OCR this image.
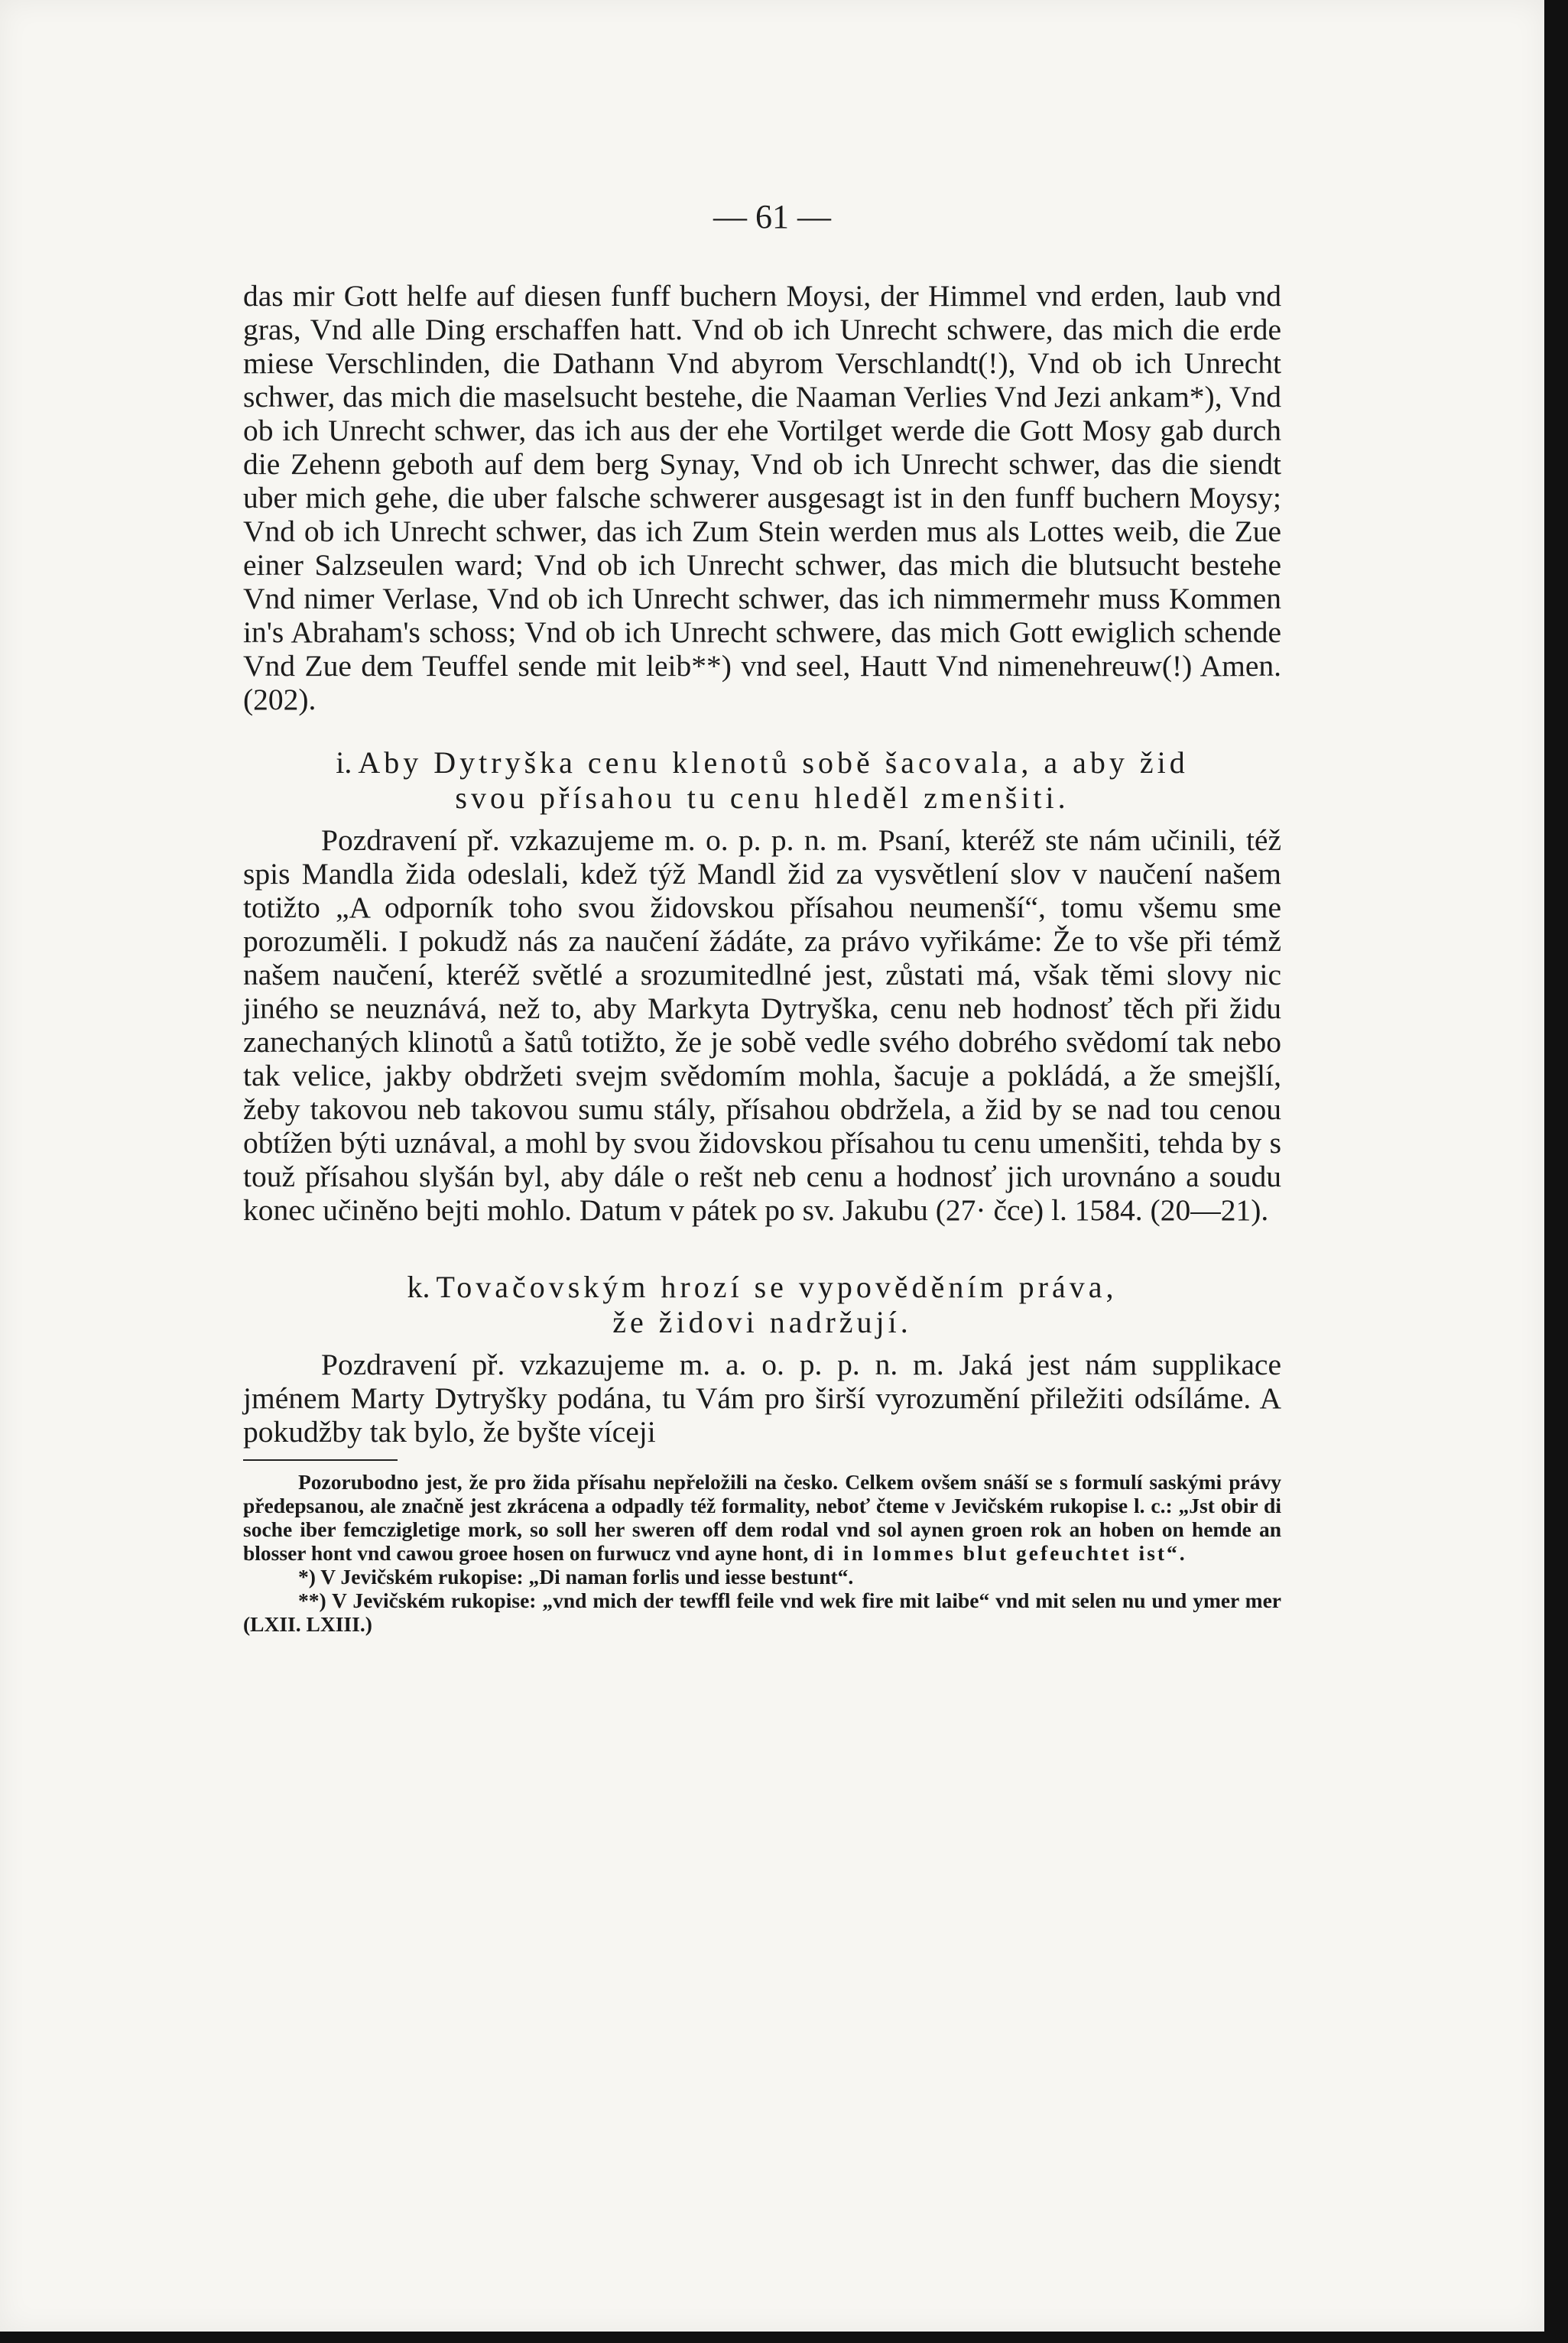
— 61 —

das mir Gott helfe auf diesen funff buchern Moysi, der Himmel vnd erden, laub vnd gras, Vnd alle Ding erschaffen hatt. Vnd ob ich Unrecht schwere, das mich die erde miese Verschlinden, die Dathann Vnd abyrom Verschlandt(!), Vnd ob ich Unrecht schwer, das mich die maselsucht bestehe, die Naaman Verlies Vnd Jezi ankam*), Vnd ob ich Unrecht schwer, das ich aus der ehe Vortilget werde die Gott Mosy gab durch die Zehenn geboth auf dem berg Synay, Vnd ob ich Unrecht schwer, das die siendt uber mich gehe, die uber falsche schwerer ausgesagt ist in den funff buchern Moysy; Vnd ob ich Unrecht schwer, das ich Zum Stein werden mus als Lottes weib, die Zue einer Salzseulen ward; Vnd ob ich Unrecht schwer, das mich die blutsucht bestehe Vnd nimer Verlase, Vnd ob ich Unrecht schwer, das ich nimmermehr muss Kommen in's Abraham's schoss; Vnd ob ich Unrecht schwere, das mich Gott ewiglich schende Vnd Zue dem Teuffel sende mit leib**) vnd seel, Hautt Vnd nimenehreuw(!) Amen. (202).

i. Aby Dytryška cenu klenotů sobě šacovala, a aby žid

svou přísahou tu cenu hleděl zmenšiti.

Pozdravení př. vzkazujeme m. o. p. p. n. m. Psaní, kteréž ste nám učinili, též spis Mandla žida odeslali, kdež týž Mandl žid za vysvětlení slov v naučení našem totižto „A odporník toho svou židovskou přísahou neumenší“, tomu všemu sme porozuměli. I pokudž nás za naučení žádáte, za právo vyřikáme: Že to vše při témž našem naučení, kteréž světlé a srozumitedlné jest, zůstati má, však těmi slovy nic jiného se neuznává, než to, aby Markyta Dytryška, cenu neb hodnosť těch při židu zanechaných klinotů a šatů totižto, že je sobě vedle svého dobrého svědomí tak nebo tak velice, jakby obdržeti svejm svědomím mohla, šacuje a pokládá, a že smejšlí, žeby takovou neb takovou sumu stály, přísahou obdržela, a žid by se nad tou cenou obtížen býti uznával, a mohl by svou židovskou přísahou tu cenu umenšiti, tehda by s touž přísahou slyšán byl, aby dále o rešt neb cenu a hodnosť jich urovnáno a soudu konec učiněno bejti mohlo. Datum v pátek po sv. Jakubu (27· čce) l. 1584. (20—21).

k. Tovačovským hrozí se vypověděním práva,

že židovi nadržují.

Pozdravení př. vzkazujeme m. a. o. p. p. n. m. Jaká jest nám supplikace jménem Marty Dytryšky podána, tu Vám pro širší vyrozumění přiležiti odsíláme. A pokudžby tak bylo, že byšte víceji

Pozorubodno jest, že pro žida přísahu nepřeložili na česko. Celkem ovšem snáší se s formulí saskými právy předepsanou, ale značně jest zkrácena a odpadly též formality, neboť čteme v Jevičském rukopise l. c.: „Jst obir di soche iber femczigletige mork, so soll her sweren off dem rodal vnd sol aynen groen rok an hoben on hemde an blosser hont vnd cawou groee hosen on furwucz vnd ayne hont, di in lommes blut gefeuchtet ist“.

*) V Jevičském rukopise: „Di naman forlis und iesse bestunt“.

**) V Jevičském rukopise: „vnd mich der tewffl feile vnd wek fire mit laibe“ vnd mit selen nu und ymer mer (LXII. LXIII.)
